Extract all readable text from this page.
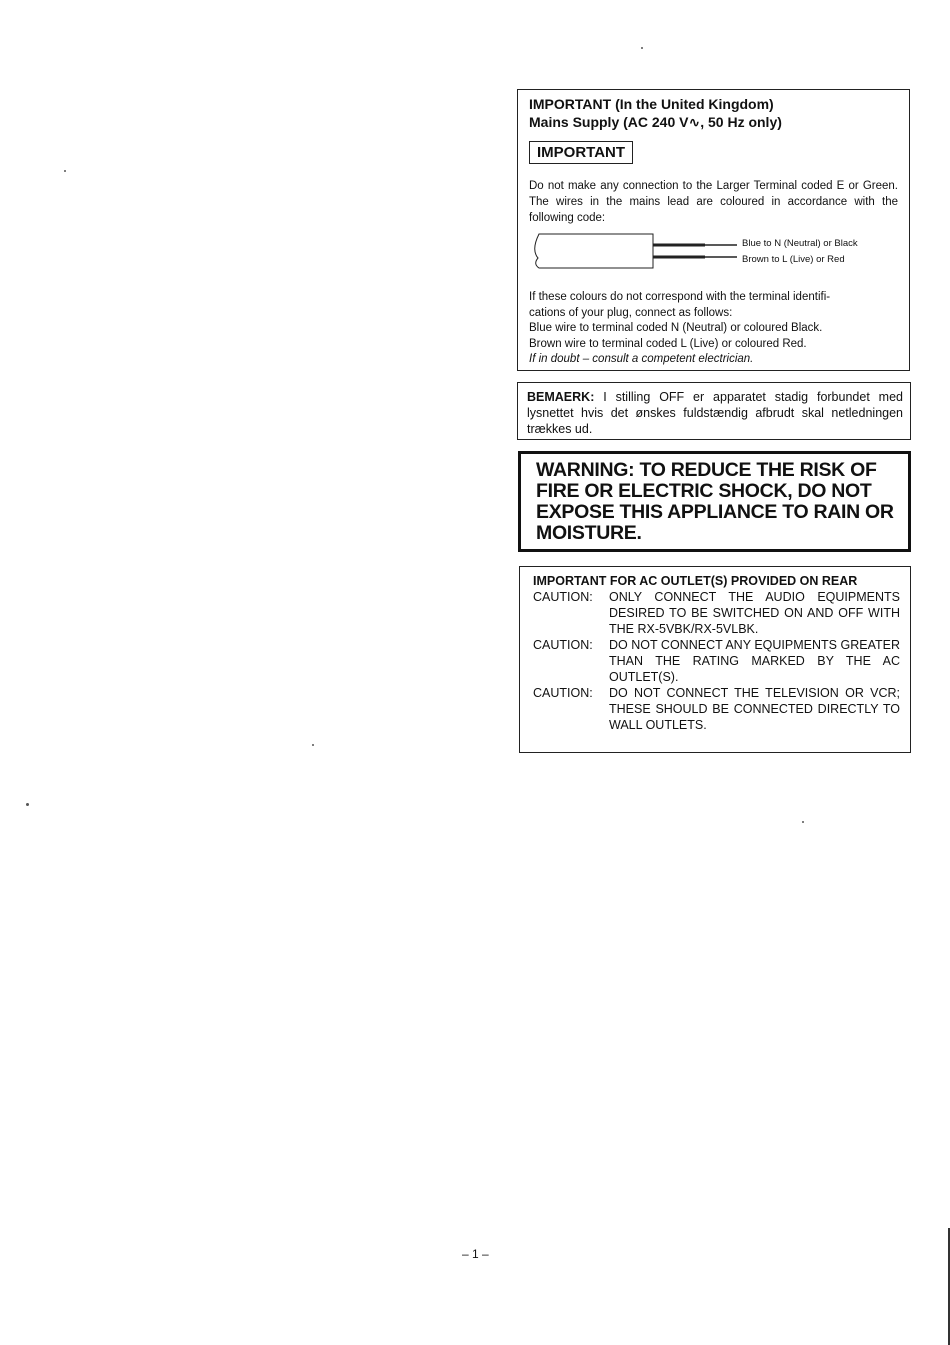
IMPORTANT (In the United Kingdom)

Mains Supply (AC 240 V∿, 50 Hz only)

IMPORTANT

Do not make any connection to the Larger Terminal coded E or Green. The wires in the mains lead are coloured in accordance with the following code:

Blue to N (Neutral) or Black
Brown to L (Live) or Red

If these colours do not correspond with the terminal identifi-
cations of your plug, connect as follows:
Blue wire to terminal coded N (Neutral) or coloured Black.
Brown wire to terminal coded L (Live) or coloured Red.
If in doubt – consult a competent electrician.

BEMAERK: I stilling OFF er apparatet stadig forbundet med lysnettet hvis det ønskes fuldstændig afbrudt skal netledningen trækkes ud.

WARNING: TO REDUCE THE RISK OF FIRE OR ELECTRIC SHOCK, DO NOT EXPOSE THIS APPLIANCE TO RAIN OR MOISTURE.

IMPORTANT FOR AC OUTLET(S) PROVIDED ON REAR

CAUTION:	ONLY CONNECT THE AUDIO EQUIPMENTS DESIRED TO BE SWITCHED ON AND OFF WITH THE RX-5VBK/RX-5VLBK.
CAUTION:	DO NOT CONNECT ANY EQUIPMENTS GREATER THAN THE RATING MARKED BY THE AC OUTLET(S).
CAUTION:	DO NOT CONNECT THE TELEVISION OR VCR; THESE SHOULD BE CONNECTED DIRECTLY TO WALL OUTLETS.
– 1 –
